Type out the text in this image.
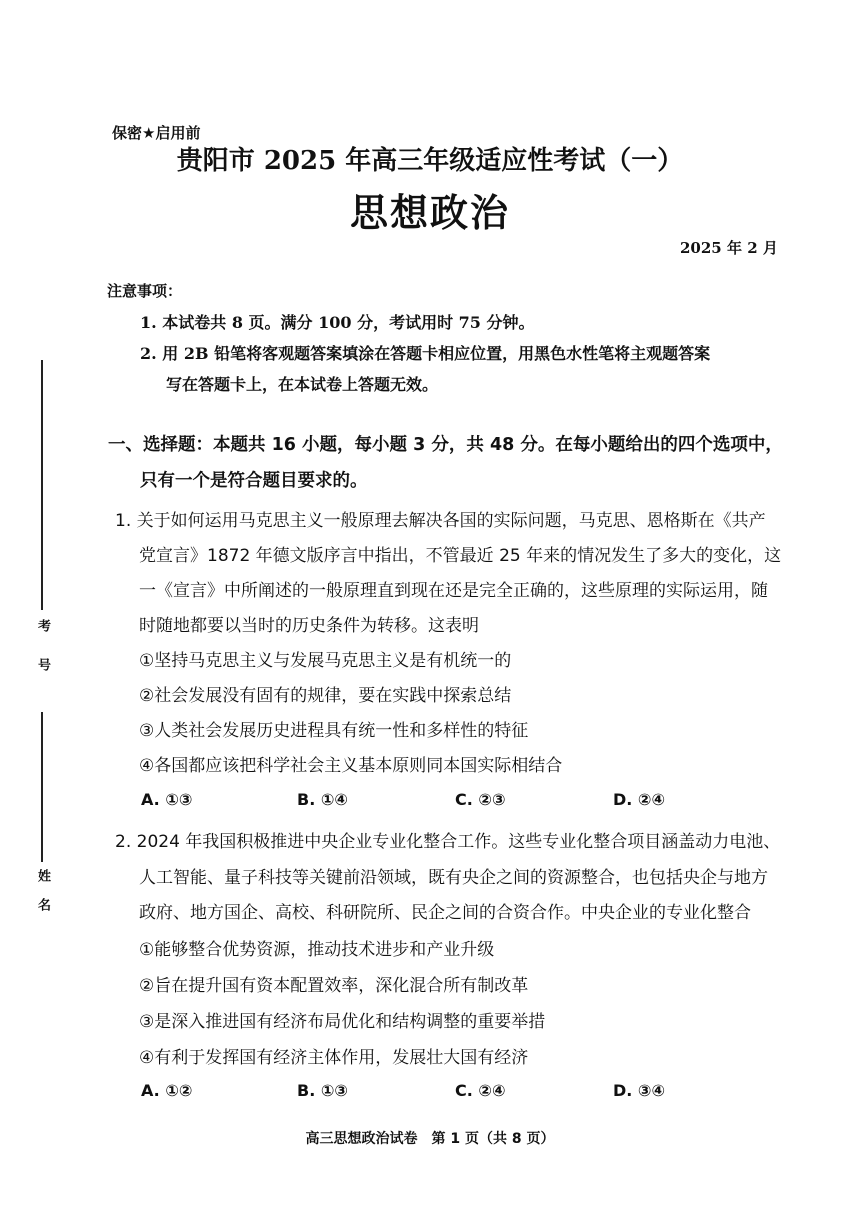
考号
姓名
保密★启用前
贵阳市 2025 年高三年级适应性考试（一）
思想政治
2025 年 2 月
注意事项：
1. 本试卷共 8 页。满分 100 分，考试用时 75 分钟。
2. 用 2B 铅笔将客观题答案填涂在答题卡相应位置，用黑色水性笔将主观题答案
写在答题卡上，在本试卷上答题无效。
一、选择题：本题共 16 小题，每小题 3 分，共 48 分。在每小题给出的四个选项中，
只有一个是符合题目要求的。
1. 关于如何运用马克思主义一般原理去解决各国的实际问题，马克思、恩格斯在《共产
党宣言》1872 年德文版序言中指出，不管最近 25 年来的情况发生了多大的变化，这
一《宣言》中所阐述的一般原理直到现在还是完全正确的，这些原理的实际运用，随
时随地都要以当时的历史条件为转移。这表明
①坚持马克思主义与发展马克思主义是有机统一的
②社会发展没有固有的规律，要在实践中探索总结
③人类社会发展历史进程具有统一性和多样性的特征
④各国都应该把科学社会主义基本原则同本国实际相结合
A. ①③	B. ①④	C. ②③	D. ②④
2. 2024 年我国积极推进中央企业专业化整合工作。这些专业化整合项目涵盖动力电池、
人工智能、量子科技等关键前沿领域，既有央企之间的资源整合，也包括央企与地方
政府、地方国企、高校、科研院所、民企之间的合资合作。中央企业的专业化整合
①能够整合优势资源，推动技术进步和产业升级
②旨在提升国有资本配置效率，深化混合所有制改革
③是深入推进国有经济布局优化和结构调整的重要举措
④有利于发挥国有经济主体作用，发展壮大国有经济
A. ①②	B. ①③	C. ②④	D. ③④
高三思想政治试卷　第 1 页（共 8 页）
